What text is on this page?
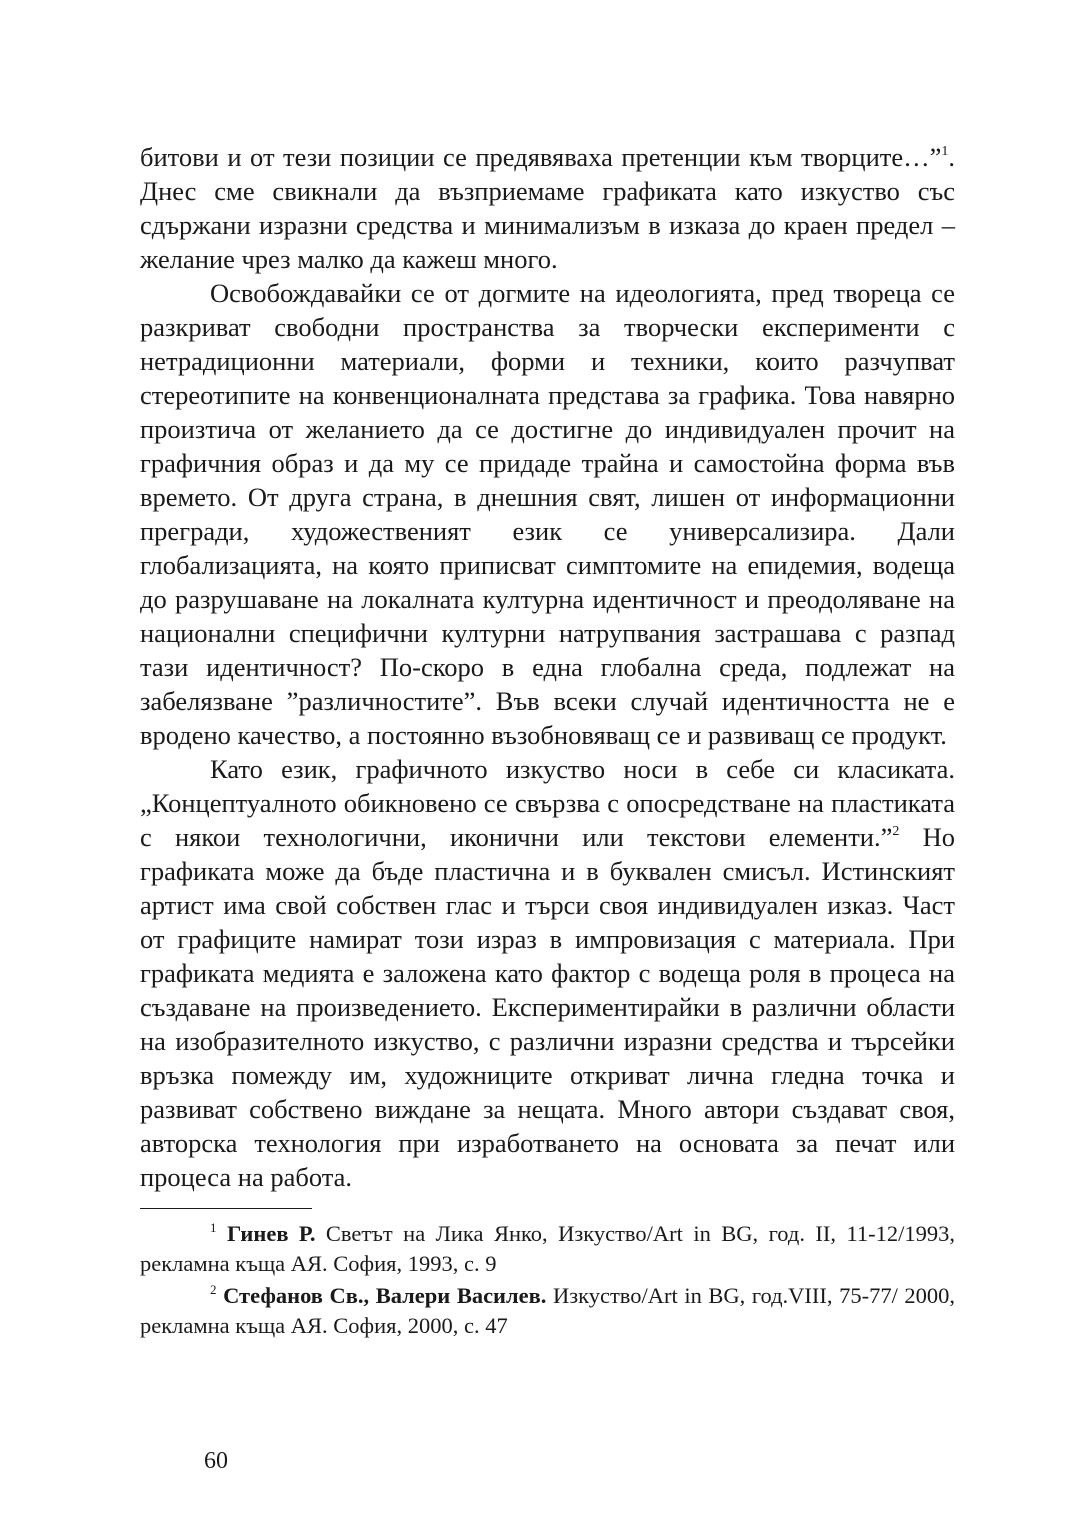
битови и от тези позиции се предявяваха претенции към творците…”$^1$. Днес сме свикнали да възприемаме графиката като изкуство със сдържани изразни средства и минимализъм в изказа до краен предел – желание чрез малко да кажеш много.

Освобождавайки се от догмите на идеологията, пред твореца се разкриват свободни пространства за творчески експерименти с нетрадиционни материали, форми и техники, които разчупват стереотипите на конвенционалната представа за графика. Това навярно произтича от желанието да се достигне до индивидуален прочит на графичния образ и да му се придаде трайна и самостойна форма във времето. От друга страна, в днешния свят, лишен от информационни прегради, художественият език се универсализира. Дали глобализацията, на която приписват симптомите на епидемия, водеща до разрушаване на локалната културна идентичност и преодоляване на национални специфични културни натрупвания застрашава с разпад тази идентичност? По-скоро в една глобална среда, подлежат на забелязване ”различностите”. Във всеки случай идентичността не е вродено качество, а постоянно възобновяващ се и развиващ се продукт.

Като език, графичното изкуство носи в себе си класиката. „Концептуалното обикновено се свързва с опосредстване на пластиката с някои технологични, иконични или текстови елементи.”$^2$ Но графиката може да бъде пластична и в буквален смисъл. Истинският артист има свой собствен глас и търси своя индивидуален изказ. Част от графиците намират този израз в импровизация с материала. При графиката медията е заложена като фактор с водеща роля в процеса на създаване на произведението. Експериментирайки в различни области на изобразителното изкуство, с различни изразни средства и търсейки връзка помежду им, художниците откриват лична гледна точка и развиват собствено виждане за нещата. Много автори създават своя, авторска технология при изработването на основата за печат или процеса на работа.

$^1$ Гинев Р. Светът на Лика Янко, Изкуство/Art in BG, год. II, 11-12/1993, рекламна къща АЯ. София, 1993, с. 9

$^2$ Стефанов Св., Валери Василев. Изкуство/Art in BG, год.VIII, 75-77/ 2000, рекламна къща АЯ. София, 2000, с. 47

60
